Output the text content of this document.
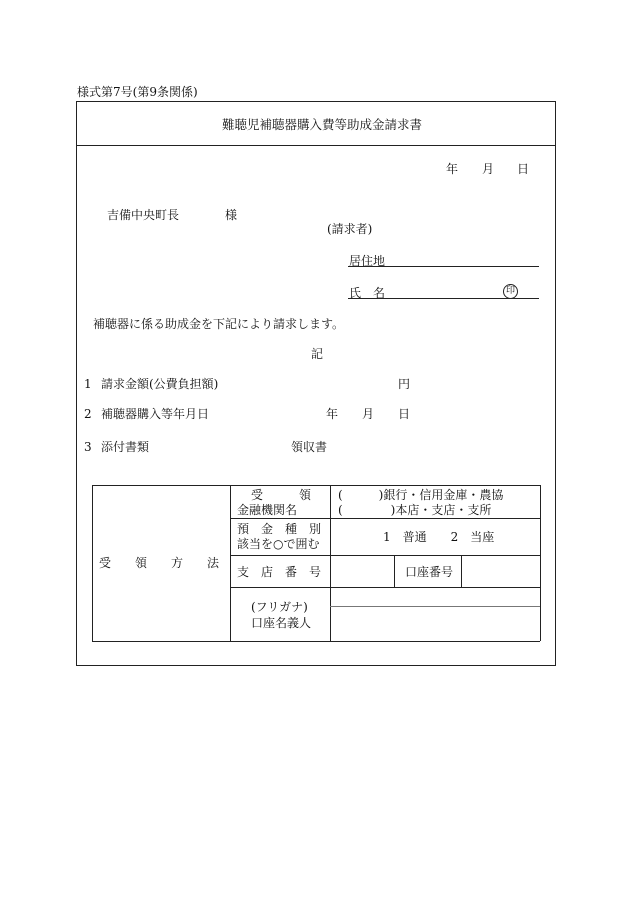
様式第7号(第9条関係)
難聴児補聴器購入費等助成金請求書
年 月 日
吉備中央町長	様
(請求者)
居住地
氏　名	印
補聴器に係る助成金を下記により請求します。
記
1 請求金額(公費負担額)	円
2 補聴器購入等年月日	年 月 日
3 添付書類	領収書
受　　領　　方　　法
受　　　領
金融機関名
(　　　)銀行・信用金庫・農協
(　　　　)本店・支店・支所
預　金　種　別
該当を○で囲む	1　普通　　2　当座
支　店　番　号	口座番号
(フリガナ)
口座名義人
